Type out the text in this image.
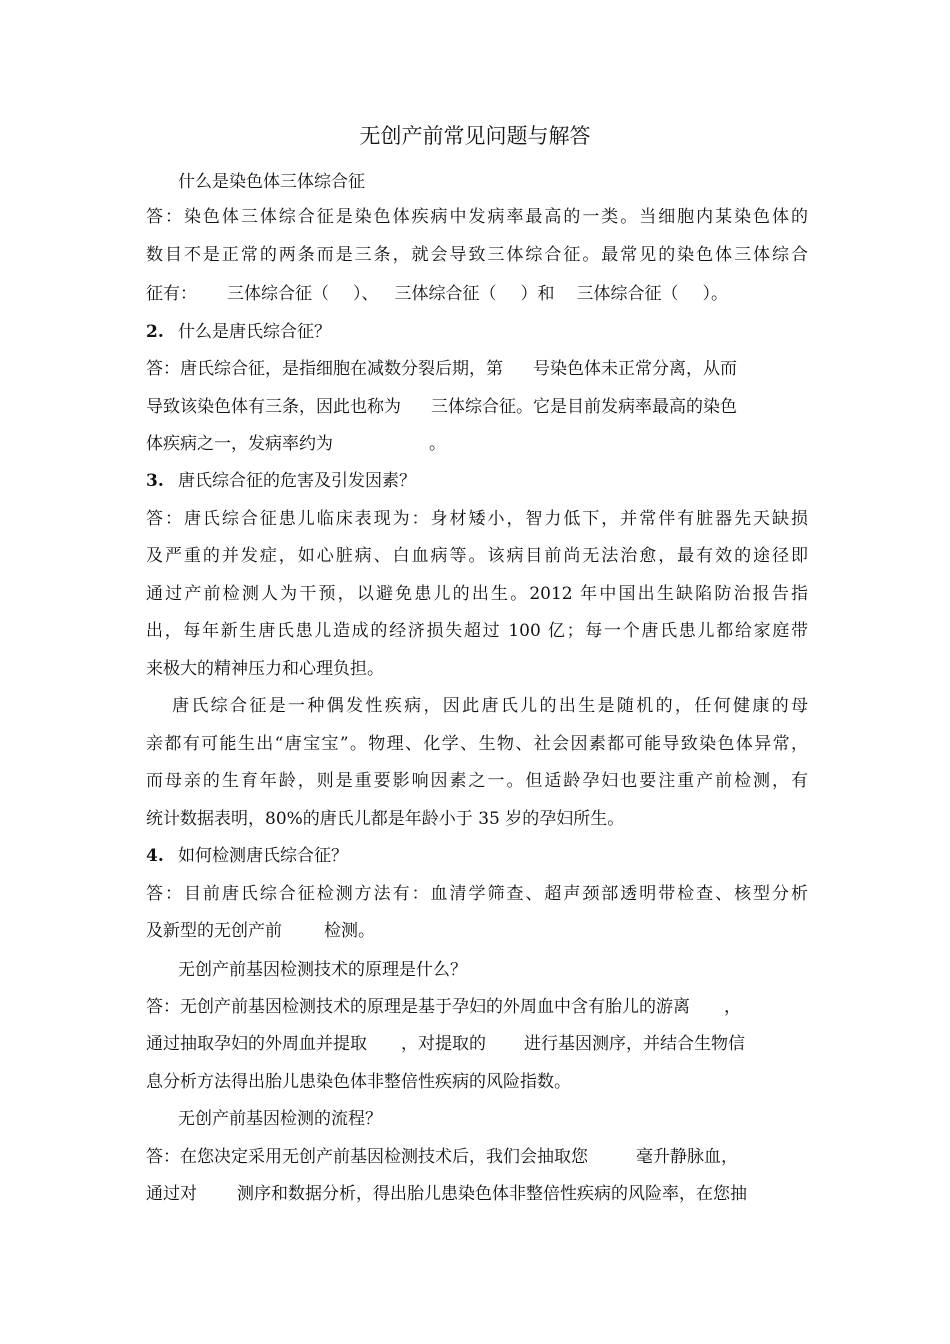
无创产前常见问题与解答
什么是染色体三体综合征
答：染色体三体综合征是染色体疾病中发病率最高的一类。当细胞内某染色体的
数目不是正常的两条而是三条，就会导致三体综合征。最常见的染色体三体综合
征有： 三体综合征（ ）、 三体综合征（ ）和 三体综合征（ ）。
2. 什么是唐氏综合征？
答：唐氏综合征，是指细胞在减数分裂后期，第 号染色体未正常分离，从而
导致该染色体有三条，因此也称为 三体综合征。它是目前发病率最高的染色
体疾病之一，发病率约为	。
3. 唐氏综合征的危害及引发因素？
答：唐氏综合征患儿临床表现为：身材矮小，智力低下，并常伴有脏器先天缺损
及严重的并发症，如心脏病、白血病等。该病目前尚无法治愈，最有效的途径即
通过产前检测人为干预，以避免患儿的出生。2012 年中国出生缺陷防治报告指
出，每年新生唐氏患儿造成的经济损失超过 100 亿；每一个唐氏患儿都给家庭带
来极大的精神压力和心理负担。
唐氏综合征是一种偶发性疾病，因此唐氏儿的出生是随机的，任何健康的母
亲都有可能生出“唐宝宝”。物理、化学、生物、社会因素都可能导致染色体异常，
而母亲的生育年龄，则是重要影响因素之一。但适龄孕妇也要注重产前检测，有
统计数据表明，80%的唐氏儿都是年龄小于 35 岁的孕妇所生。
4. 如何检测唐氏综合征？
答：目前唐氏综合征检测方法有：血清学筛查、超声颈部透明带检查、核型分析
及新型的无创产前 检测。
无创产前基因检测技术的原理是什么？
答：无创产前基因检测技术的原理是基于孕妇的外周血中含有胎儿的游离 ，
通过抽取孕妇的外周血并提取 ，对提取的 进行基因测序，并结合生物信
息分析方法得出胎儿患染色体非整倍性疾病的风险指数。
无创产前基因检测的流程？
答：在您决定采用无创产前基因检测技术后，我们会抽取您	毫升静脉血，
通过对 测序和数据分析，得出胎儿患染色体非整倍性疾病的风险率，在您抽
